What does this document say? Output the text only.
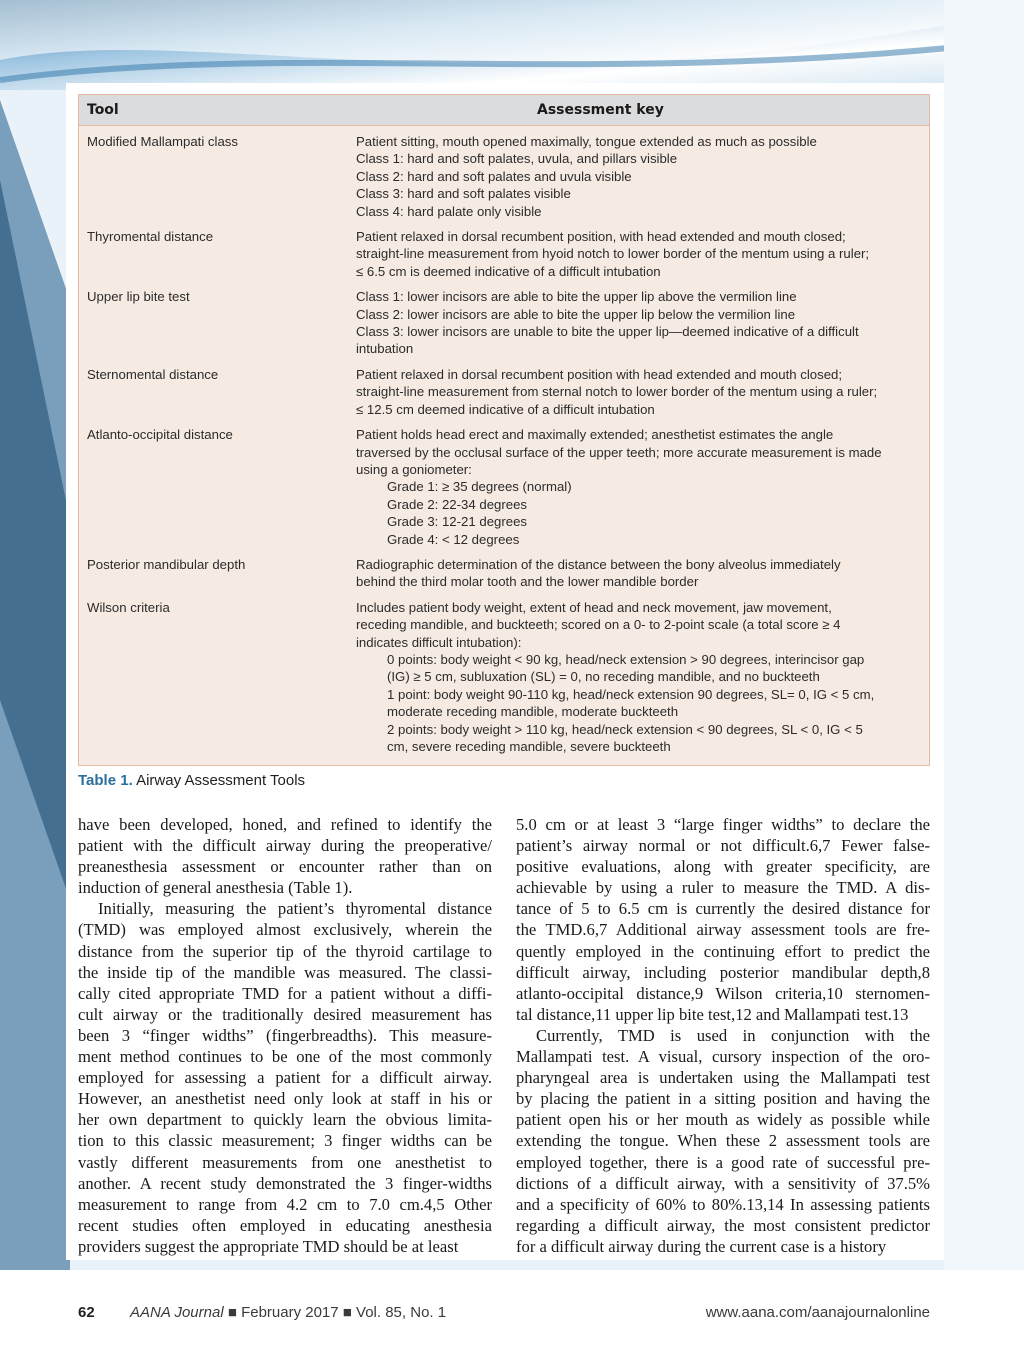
Tool	Assessment key
Modified Mallampati class	Patient sitting, mouth opened maximally, tongue extended as much as possible
Class 1: hard and soft palates, uvula, and pillars visible
Class 2: hard and soft palates and uvula visible
Class 3: hard and soft palates visible
Class 4: hard palate only visible
Thyromental distance	Patient relaxed in dorsal recumbent position, with head extended and mouth closed;
straight-line measurement from hyoid notch to lower border of the mentum using a ruler;
≤ 6.5 cm is deemed indicative of a difficult intubation
Upper lip bite test	Class 1: lower incisors are able to bite the upper lip above the vermilion line
Class 2: lower incisors are able to bite the upper lip below the vermilion line
Class 3: lower incisors are unable to bite the upper lip—deemed indicative of a difficult
intubation
Sternomental distance	Patient relaxed in dorsal recumbent position with head extended and mouth closed;
straight-line measurement from sternal notch to lower border of the mentum using a ruler;
≤ 12.5 cm deemed indicative of a difficult intubation
Atlanto-occipital distance	Patient holds head erect and maximally extended; anesthetist estimates the angle
traversed by the occlusal surface of the upper teeth; more accurate measurement is made
using a goniometer:
Grade 1: ≥ 35 degrees (normal)
Grade 2: 22-34 degrees
Grade 3: 12-21 degrees
Grade 4: < 12 degrees
Posterior mandibular depth	Radiographic determination of the distance between the bony alveolus immediately
behind the third molar tooth and the lower mandible border
Wilson criteria	Includes patient body weight, extent of head and neck movement, jaw movement,
receding mandible, and buckteeth; scored on a 0- to 2-point scale (a total score ≥ 4
indicates difficult intubation):
0 points: body weight < 90 kg, head/neck extension > 90 degrees, interincisor gap
(IG) ≥ 5 cm, subluxation (SL) = 0, no receding mandible, and no buckteeth
1 point: body weight 90-110 kg, head/neck extension 90 degrees, SL= 0, IG < 5 cm,
moderate receding mandible, moderate buckteeth
2 points: body weight > 110 kg, head/neck extension < 90 degrees, SL < 0, IG < 5
cm, severe receding mandible, severe buckteeth
Table 1. Airway Assessment Tools
have been developed, honed, and refined to identify the
patient with the difficult airway during the preoperative/
preanesthesia assessment or encounter rather than on
induction of general anesthesia (Table 1).
Initially, measuring the patient’s thyromental distance
(TMD) was employed almost exclusively, wherein the
distance from the superior tip of the thyroid cartilage to
the inside tip of the mandible was measured. The classi-
cally cited appropriate TMD for a patient without a diffi-
cult airway or the traditionally desired measurement has
been 3 “finger widths” (fingerbreadths). This measure-
ment method continues to be one of the most commonly
employed for assessing a patient for a difficult airway.
However, an anesthetist need only look at staff in his or
her own department to quickly learn the obvious limita-
tion to this classic measurement; 3 finger widths can be
vastly different measurements from one anesthetist to
another. A recent study demonstrated the 3 finger-widths
measurement to range from 4.2 cm to 7.0 cm.4,5 Other
recent studies often employed in educating anesthesia
providers suggest the appropriate TMD should be at least
5.0 cm or at least 3 “large finger widths” to declare the
patient’s airway normal or not difficult.6,7 Fewer false-
positive evaluations, along with greater specificity, are
achievable by using a ruler to measure the TMD. A dis-
tance of 5 to 6.5 cm is currently the desired distance for
the TMD.6,7 Additional airway assessment tools are fre-
quently employed in the continuing effort to predict the
difficult airway, including posterior mandibular depth,8
atlanto-occipital distance,9 Wilson criteria,10 sternomen-
tal distance,11 upper lip bite test,12 and Mallampati test.13
Currently, TMD is used in conjunction with the
Mallampati test. A visual, cursory inspection of the oro-
pharyngeal area is undertaken using the Mallampati test
by placing the patient in a sitting position and having the
patient open his or her mouth as widely as possible while
extending the tongue. When these 2 assessment tools are
employed together, there is a good rate of successful pre-
dictions of a difficult airway, with a sensitivity of 37.5%
and a specificity of 60% to 80%.13,14 In assessing patients
regarding a difficult airway, the most consistent predictor
for a difficult airway during the current case is a history
62 AANA Journal ■ February 2017 ■ Vol. 85, No. 1	www.aana.com/aanajournalonline
